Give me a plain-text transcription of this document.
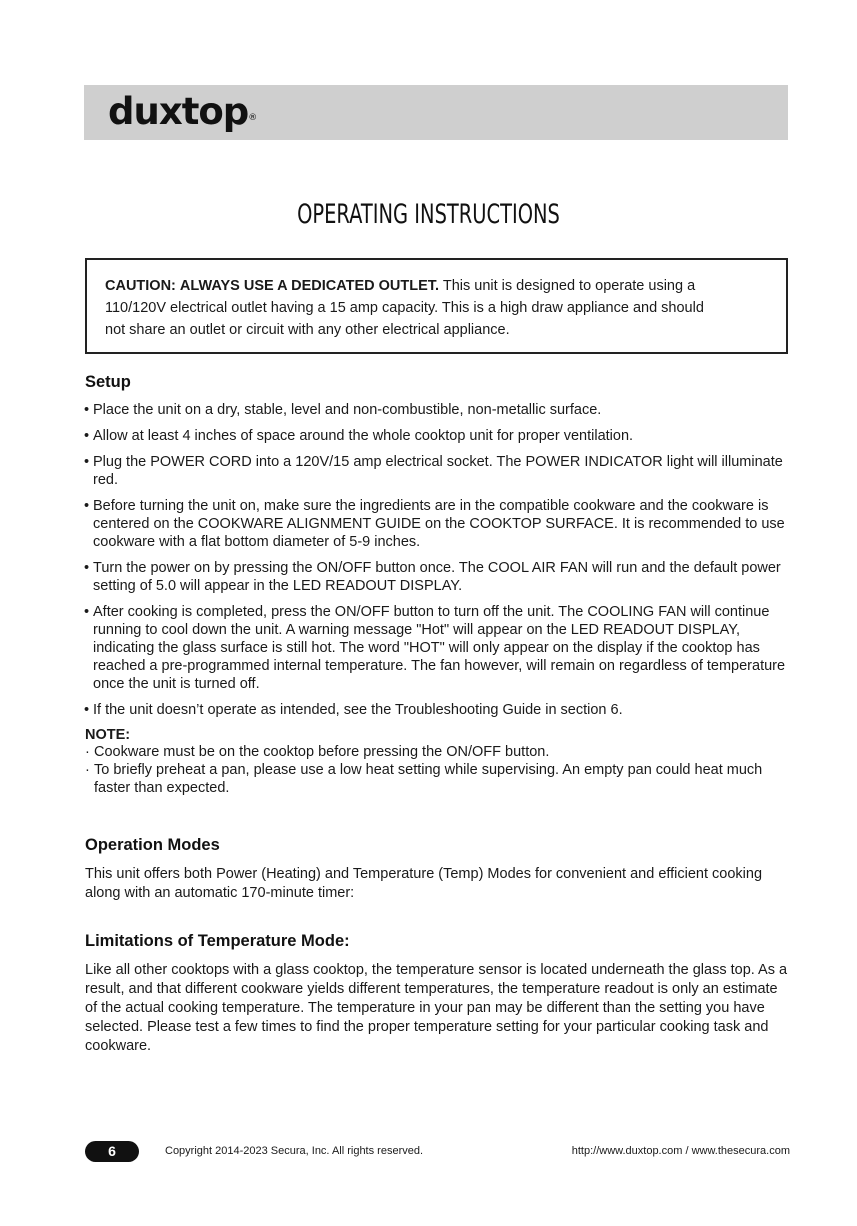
duxtop®
OPERATING INSTRUCTIONS
CAUTION: ALWAYS USE A DEDICATED OUTLET. This unit is designed to operate using a
110/120V electrical outlet having a 15 amp capacity. This is a high draw appliance and should
not share an outlet or circuit with any other electrical appliance.

Setup

• Place the unit on a dry, stable, level and non-combustible, non-metallic surface.
• Allow at least 4 inches of space around the whole cooktop unit for proper ventilation.
• Plug the POWER CORD into a 120V/15 amp electrical socket. The POWER INDICATOR light will illuminate red.
• Before turning the unit on, make sure the ingredients are in the compatible cookware and the cookware is centered on the COOKWARE ALIGNMENT GUIDE on the COOKTOP SURFACE. It is recommended to use cookware with a flat bottom diameter of 5-9 inches.
• Turn the power on by pressing the ON/OFF button once. The COOL AIR FAN will run and the default power setting of 5.0 will appear in the LED READOUT DISPLAY.
• After cooking is completed, press the ON/OFF button to turn off the unit. The COOLING FAN will continue running to cool down the unit. A warning message "Hot" will appear on the LED READOUT DISPLAY, indicating the glass surface is still hot. The word "HOT" will only appear on the display if the cooktop has reached a pre-programmed internal temperature. The fan however, will remain on regardless of temperature once the unit is turned off.
• If the unit doesn’t operate as intended, see the Troubleshooting Guide in section 6.

NOTE:

· Cookware must be on the cooktop before pressing the ON/OFF button.
· To briefly preheat a pan, please use a low heat setting while supervising. An empty pan could heat much faster than expected.

Operation Modes

This unit offers both Power (Heating) and Temperature (Temp) Modes for convenient and efficient cooking along with an automatic 170-minute timer:

Limitations of Temperature Mode:

Like all other cooktops with a glass cooktop, the temperature sensor is located underneath the glass top. As a result, and that different cookware yields different temperatures, the temperature readout is only an estimate of the actual cooking temperature. The temperature in your pan may be different than the setting you have selected. Please test a few times to find the proper temperature setting for your particular cooking task and cookware.

6	Copyright 2014-2023 Secura, Inc. All rights reserved.	http://www.duxtop.com / www.thesecura.com
